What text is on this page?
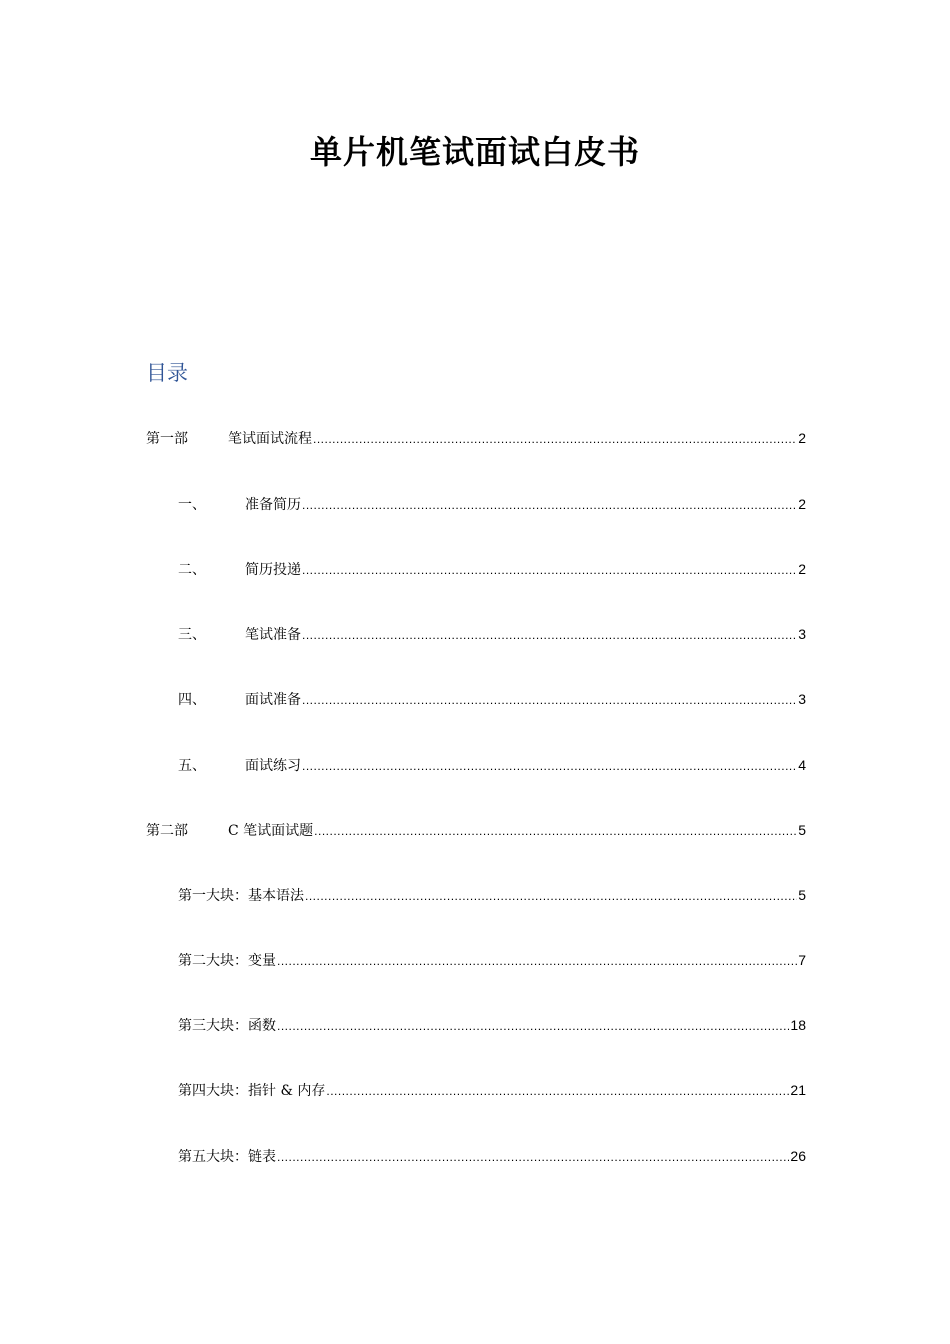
单片机笔试面试白皮书
目录
第一部	笔试面试流程 .....	2
一、	准备简历 .....	2
二、	简历投递 .....	2
三、	笔试准备 .....	3
四、	面试准备 .....	3
五、	面试练习 .....	4
第二部	C 笔试面试题 .....	5
第一大块：基本语法 .....	5
第二大块：变量 .....	7
第三大块：函数 .....	18
第四大块：指针 & 内存 .....	21
第五大块：链表 .....	26
